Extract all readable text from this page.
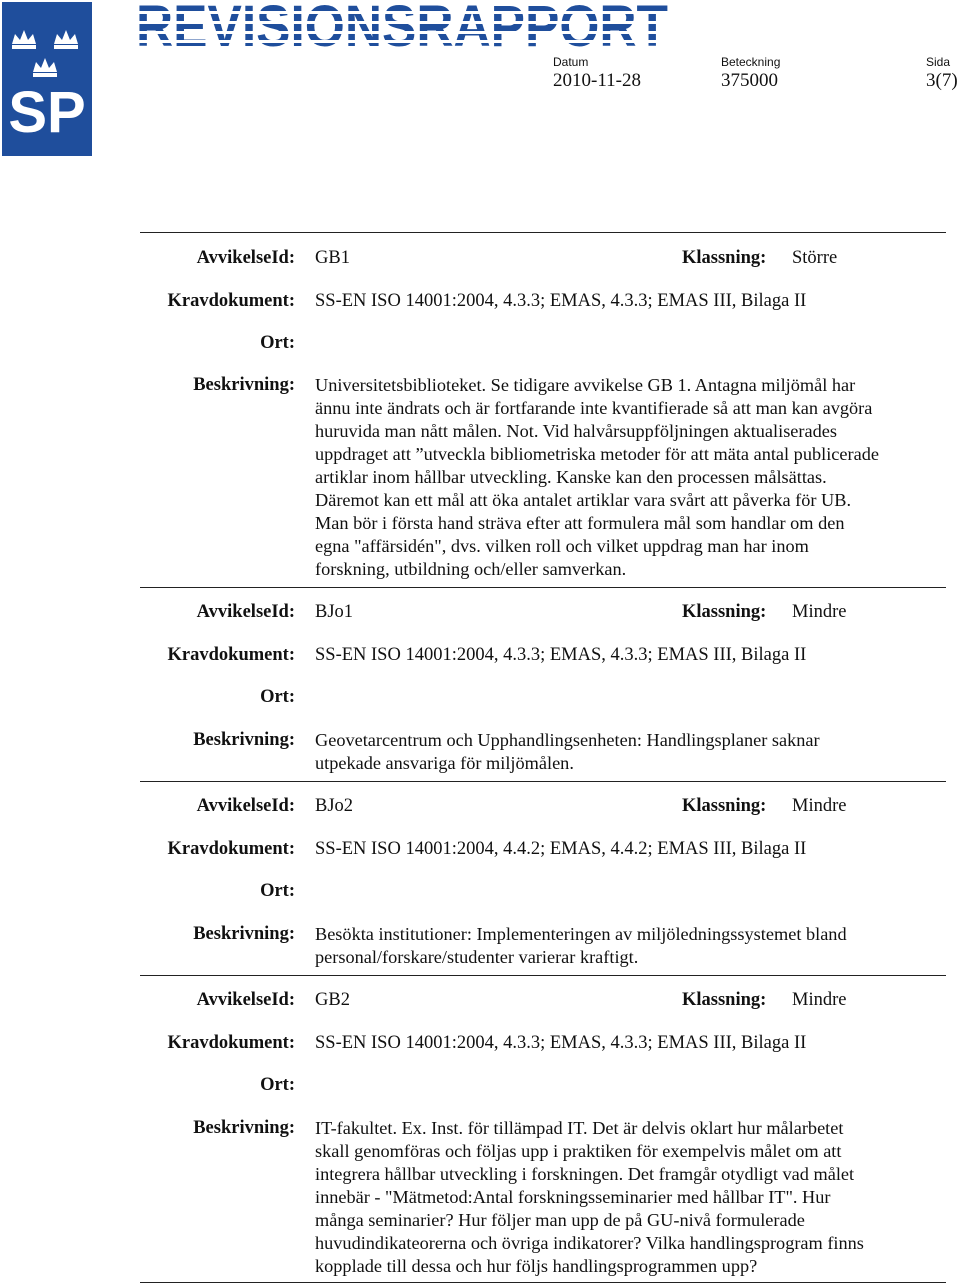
SP
Datum
2010-11-28
Beteckning
375000
Sida
3(7)
AvvikelseId: GB1	Klassning: Större
Kravdokument: SS-EN ISO 14001:2004, 4.3.3; EMAS, 4.3.3; EMAS III, Bilaga II
Ort:
Beskrivning: Universitetsbiblioteket. Se tidigare avvikelse GB 1. Antagna miljömål har
ännu inte ändrats och är fortfarande inte kvantifierade så att man kan avgöra
huruvida man nått målen. Not. Vid halvårsuppföljningen aktualiserades
uppdraget att ”utveckla bibliometriska metoder för att mäta antal publicerade
artiklar inom hållbar utveckling. Kanske kan den processen målsättas.
Däremot kan ett mål att öka antalet artiklar vara svårt att påverka för UB.
Man bör i första hand sträva efter att formulera mål som handlar om den
egna "affärsidén", dvs. vilken roll och vilket uppdrag man har inom
forskning, utbildning och/eller samverkan.
AvvikelseId: BJo1	Klassning: Mindre
Kravdokument: SS-EN ISO 14001:2004, 4.3.3; EMAS, 4.3.3; EMAS III, Bilaga II
Ort:
Beskrivning: Geovetarcentrum och Upphandlingsenheten: Handlingsplaner saknar
utpekade ansvariga för miljömålen.
AvvikelseId: BJo2	Klassning: Mindre
Kravdokument: SS-EN ISO 14001:2004, 4.4.2; EMAS, 4.4.2; EMAS III, Bilaga II
Ort:
Beskrivning: Besökta institutioner: Implementeringen av miljöledningssystemet bland
personal/forskare/studenter varierar kraftigt.
AvvikelseId: GB2	Klassning: Mindre
Kravdokument: SS-EN ISO 14001:2004, 4.3.3; EMAS, 4.3.3; EMAS III, Bilaga II
Ort:
Beskrivning: IT-fakultet. Ex. Inst. för tillämpad IT. Det är delvis oklart hur målarbetet
skall genomföras och följas upp i praktiken för exempelvis målet om att
integrera hållbar utveckling i forskningen. Det framgår otydligt vad målet
innebär - "Mätmetod:Antal forskningsseminarier med hållbar IT". Hur
många seminarier? Hur följer man upp de på GU-nivå formulerade
huvudindikateorerna och övriga indikatorer? Vilka handlingsprogram finns
kopplade till dessa och hur följs handlingsprogrammen upp?
